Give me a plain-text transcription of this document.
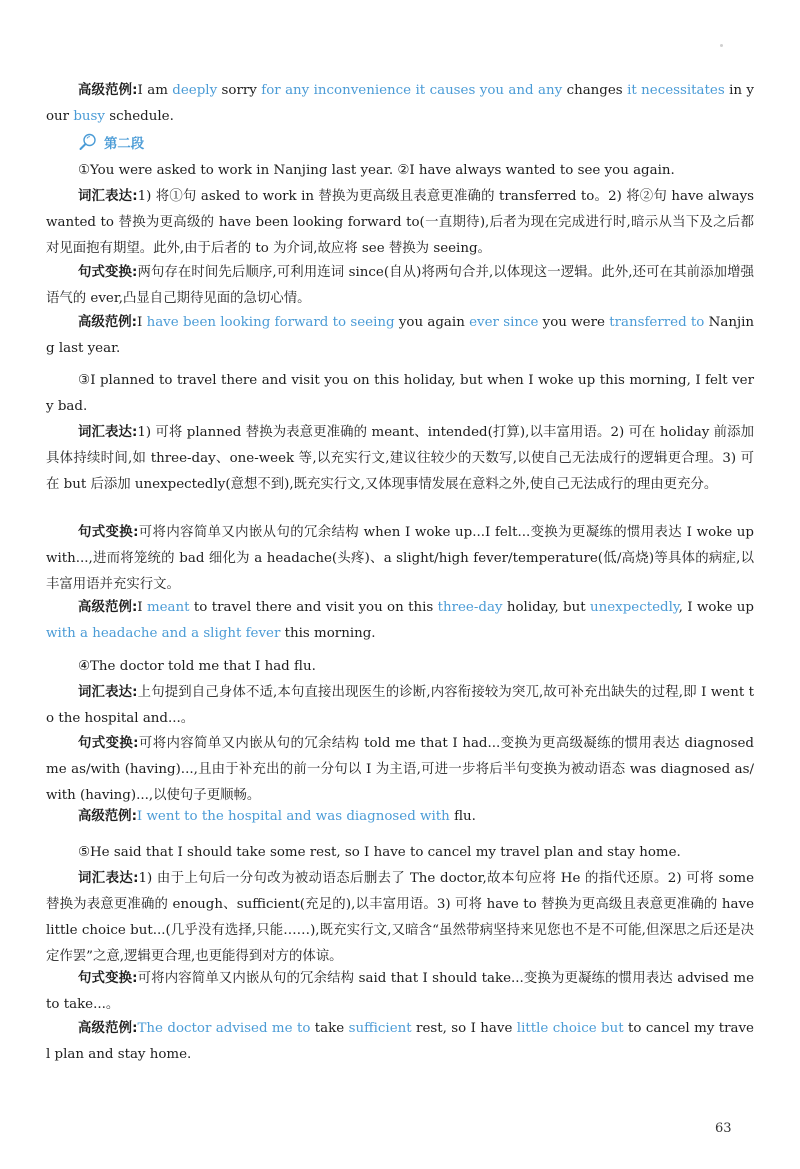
高级范例:I am deeply sorry for any inconvenience it causes you and any changes it necessitates in your busy schedule.

第二段

①You were asked to work in Nanjing last year. ②I have always wanted to see you again.

词汇表达:1) 将①句 asked to work in 替换为更高级且表意更准确的 transferred to。2) 将②句 have always wanted to 替换为更高级的 have been looking forward to(一直期待),后者为现在完成进行时,暗示从当下及之后都对见面抱有期望。此外,由于后者的 to 为介词,故应将 see 替换为 seeing。

句式变换:两句存在时间先后顺序,可利用连词 since(自从)将两句合并,以体现这一逻辑。此外,还可在其前添加增强语气的 ever,凸显自己期待见面的急切心情。

高级范例:I have been looking forward to seeing you again ever since you were transferred to Nanjing last year.

③I planned to travel there and visit you on this holiday, but when I woke up this morning, I felt very bad.

词汇表达:1) 可将 planned 替换为表意更准确的 meant、intended(打算),以丰富用语。2) 可在 holiday 前添加具体持续时间,如 three-day、one-week 等,以充实行文,建议往较少的天数写,以使自己无法成行的逻辑更合理。3) 可在 but 后添加 unexpectedly(意想不到),既充实行文,又体现事情发展在意料之外,使自己无法成行的理由更充分。

句式变换:可将内容简单又内嵌从句的冗余结构 when I woke up...I felt...变换为更凝练的惯用表达 I woke up with...,进而将笼统的 bad 细化为 a headache(头疼)、a slight/high fever/temperature(低/高烧)等具体的病症,以丰富用语并充实行文。

高级范例:I meant to travel there and visit you on this three-day holiday, but unexpectedly, I woke up with a headache and a slight fever this morning.

④The doctor told me that I had flu.

词汇表达:上句提到自己身体不适,本句直接出现医生的诊断,内容衔接较为突兀,故可补充出缺失的过程,即 I went to the hospital and...。

句式变换:可将内容简单又内嵌从句的冗余结构 told me that I had...变换为更高级凝练的惯用表达 diagnosed me as/with (having)...,且由于补充出的前一分句以 I 为主语,可进一步将后半句变换为被动语态 was diagnosed as/with (having)...,以使句子更顺畅。

高级范例:I went to the hospital and was diagnosed with flu.

⑤He said that I should take some rest, so I have to cancel my travel plan and stay home.

词汇表达:1) 由于上句后一分句改为被动语态后删去了 The doctor,故本句应将 He 的指代还原。2) 可将 some 替换为表意更准确的 enough、sufficient(充足的),以丰富用语。3) 可将 have to 替换为更高级且表意更准确的 have little choice but...(几乎没有选择,只能……),既充实行文,又暗含“虽然带病坚持来见您也不是不可能,但深思之后还是决定作罢”之意,逻辑更合理,也更能得到对方的体谅。

句式变换:可将内容简单又内嵌从句的冗余结构 said that I should take...变换为更凝练的惯用表达 advised me to take...。

高级范例:The doctor advised me to take sufficient rest, so I have little choice but to cancel my travel plan and stay home.

63
